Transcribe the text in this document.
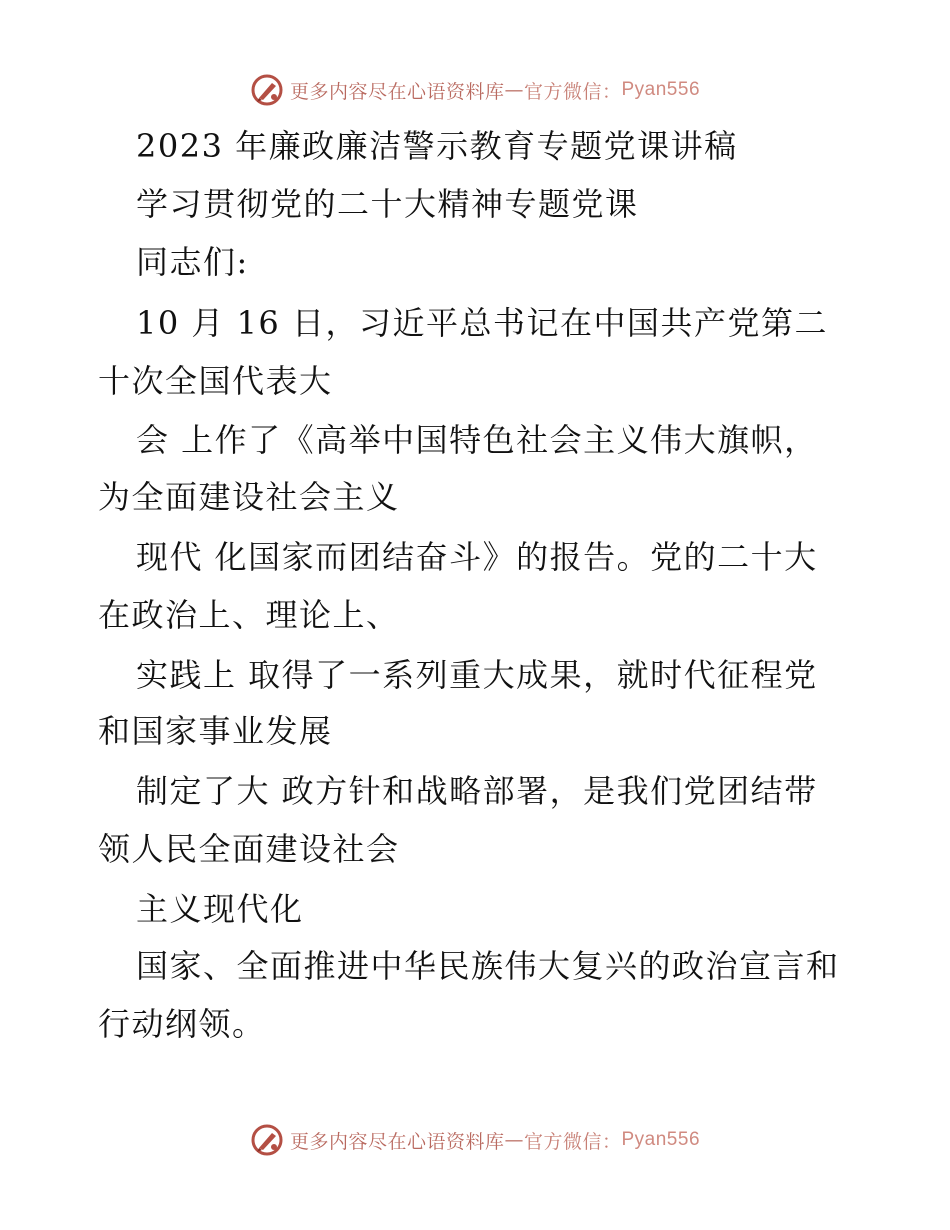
更多内容尽在心语资料库 — 官方微信： Pyan556
2023 年廉政廉洁警示教育专题党课讲稿
学习贯彻党的二十大精神专题党课
同志们:
10 月 16 日，习近平总书记在中国共产党第二
十次全国代表大
会 上作了《高举中国特色社会主义伟大旗帜，
为全面建设社会主义
现代 化国家而团结奋斗》的报告。党的二十大
在政治上、理论上、
实践上 取得了一系列重大成果，就时代征程党
和国家事业发展
制定了大 政方针和战略部署，是我们党团结带
领人民全面建设社会
主义现代化
国家、全面推进中华民族伟大复兴的政治宣言和
行动纲领。
更多内容尽在心语资料库 — 官方微信： Pyan556
